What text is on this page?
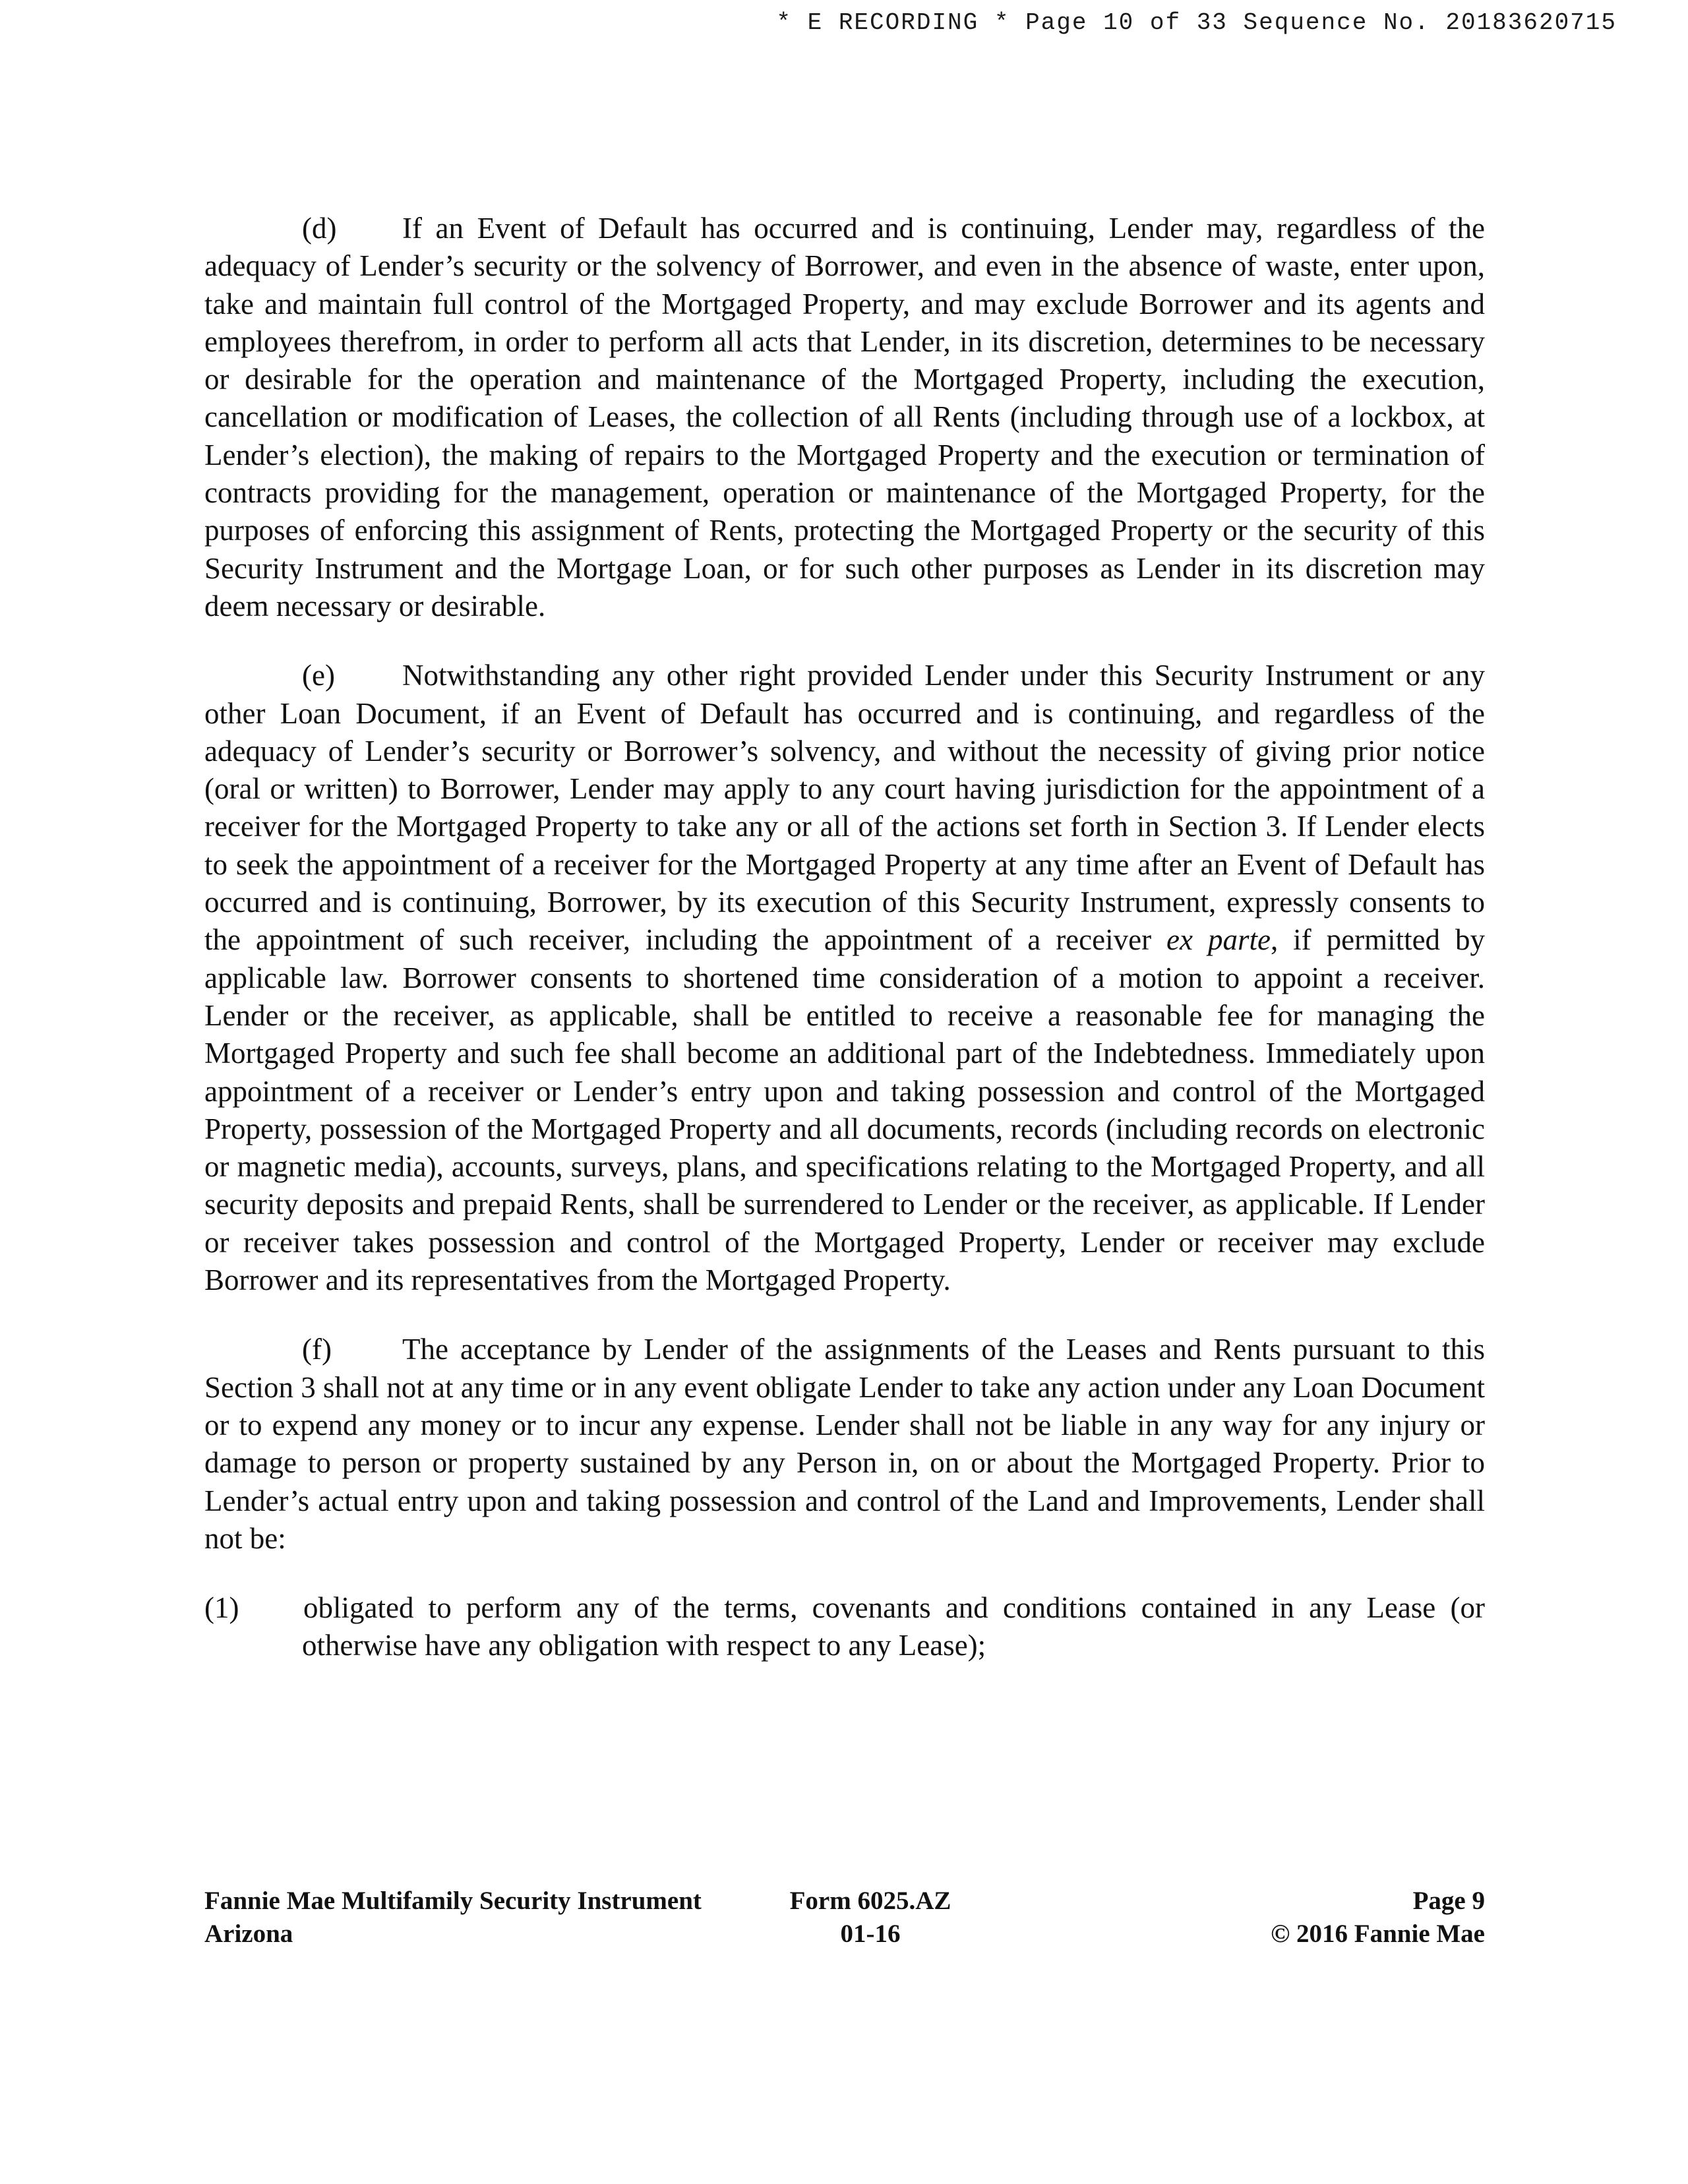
* E RECORDING * Page 10 of 33 Sequence No. 20183620715

(d) If an Event of Default has occurred and is continuing, Lender may, regardless of the adequacy of Lender’s security or the solvency of Borrower, and even in the absence of waste, enter upon, take and maintain full control of the Mortgaged Property, and may exclude Borrower and its agents and employees therefrom, in order to perform all acts that Lender, in its discretion, determines to be necessary or desirable for the operation and maintenance of the Mortgaged Property, including the execution, cancellation or modification of Leases, the collection of all Rents (including through use of a lockbox, at Lender’s election), the making of repairs to the Mortgaged Property and the execution or termination of contracts providing for the management, operation or maintenance of the Mortgaged Property, for the purposes of enforcing this assignment of Rents, protecting the Mortgaged Property or the security of this Security Instrument and the Mortgage Loan, or for such other purposes as Lender in its discretion may deem necessary or desirable.

(e) Notwithstanding any other right provided Lender under this Security Instrument or any other Loan Document, if an Event of Default has occurred and is continuing, and regardless of the adequacy of Lender’s security or Borrower’s solvency, and without the necessity of giving prior notice (oral or written) to Borrower, Lender may apply to any court having jurisdiction for the appointment of a receiver for the Mortgaged Property to take any or all of the actions set forth in Section 3. If Lender elects to seek the appointment of a receiver for the Mortgaged Property at any time after an Event of Default has occurred and is continuing, Borrower, by its execution of this Security Instrument, expressly consents to the appointment of such receiver, including the appointment of a receiver ex parte, if permitted by applicable law. Borrower consents to shortened time consideration of a motion to appoint a receiver. Lender or the receiver, as applicable, shall be entitled to receive a reasonable fee for managing the Mortgaged Property and such fee shall become an additional part of the Indebtedness. Immediately upon appointment of a receiver or Lender’s entry upon and taking possession and control of the Mortgaged Property, possession of the Mortgaged Property and all documents, records (including records on electronic or magnetic media), accounts, surveys, plans, and specifications relating to the Mortgaged Property, and all security deposits and prepaid Rents, shall be surrendered to Lender or the receiver, as applicable. If Lender or receiver takes possession and control of the Mortgaged Property, Lender or receiver may exclude Borrower and its representatives from the Mortgaged Property.

(f) The acceptance by Lender of the assignments of the Leases and Rents pursuant to this Section 3 shall not at any time or in any event obligate Lender to take any action under any Loan Document or to expend any money or to incur any expense. Lender shall not be liable in any way for any injury or damage to person or property sustained by any Person in, on or about the Mortgaged Property. Prior to Lender’s actual entry upon and taking possession and control of the Land and Improvements, Lender shall not be:

(1) obligated to perform any of the terms, covenants and conditions contained in any Lease (or otherwise have any obligation with respect to any Lease);

Fannie Mae Multifamily Security Instrument
Arizona
Form 6025.AZ
01-16
Page 9
© 2016 Fannie Mae
